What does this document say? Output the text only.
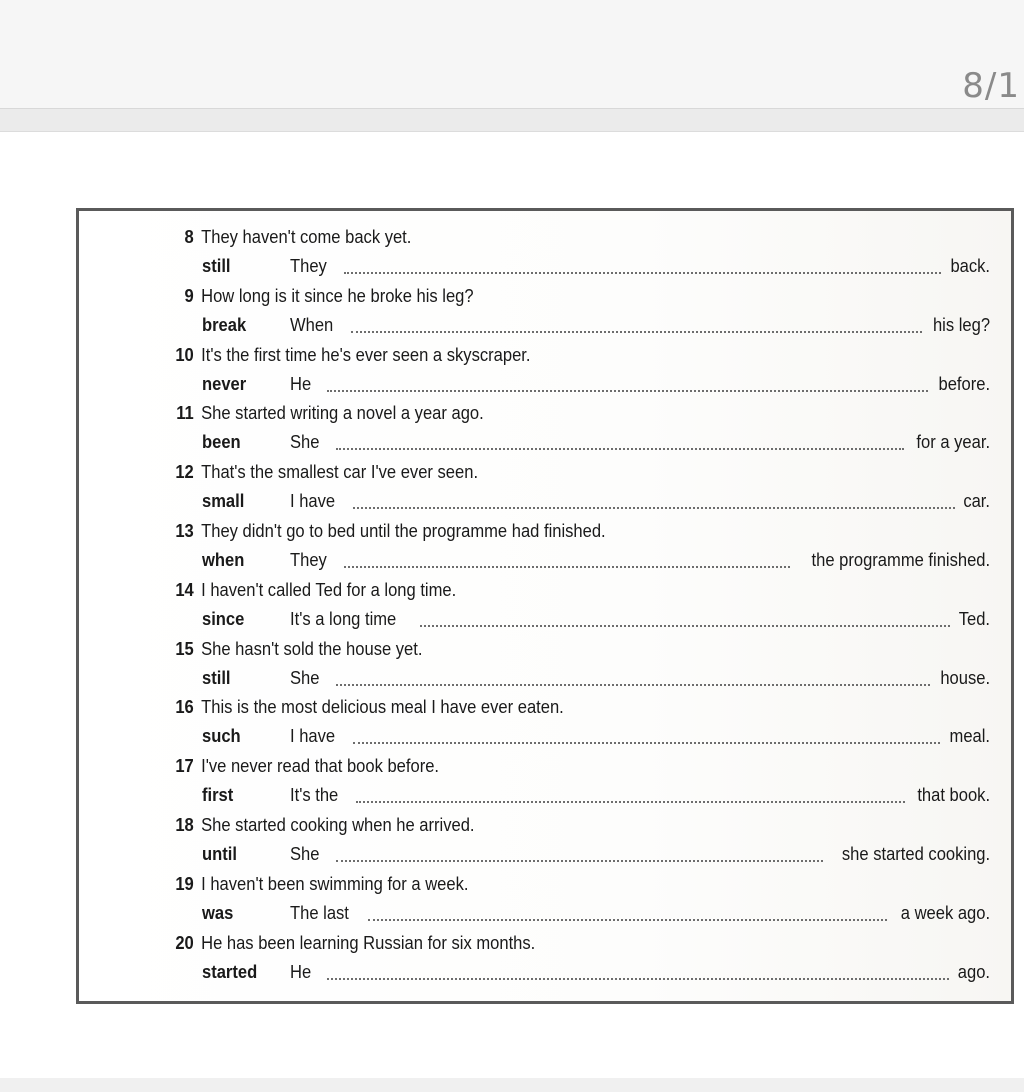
8/1
8 They haven't come back yet.
still	They	back.
9 How long is it since he broke his leg?
break	When	his leg?
10 It's the first time he's ever seen a skyscraper.
never	He	before.
11 She started writing a novel a year ago.
been	She	for a year.
12 That's the smallest car I've ever seen.
small	I have	car.
13 They didn't go to bed until the programme had finished.
when	They	the programme finished.
14 I haven't called Ted for a long time.
since	It's a long time	Ted.
15 She hasn't sold the house yet.
still	She	house.
16 This is the most delicious meal I have ever eaten.
such	I have	meal.
17 I've never read that book before.
first	It's the	that book.
18 She started cooking when he arrived.
until	She	she started cooking.
19 I haven't been swimming for a week.
was	The last	a week ago.
20 He has been learning Russian for six months.
started	He	ago.
